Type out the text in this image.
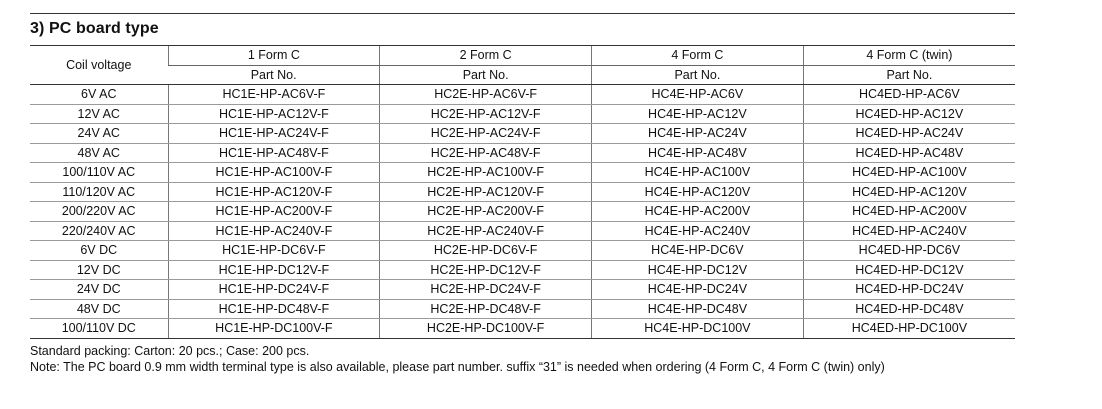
3) PC board type
Coil voltage	1 Form C	2 Form C	4 Form C	4 Form C (twin)
	Part No.	Part No.	Part No.	Part No.
6V AC	HC1E-HP-AC6V-F	HC2E-HP-AC6V-F	HC4E-HP-AC6V	HC4ED-HP-AC6V
12V AC	HC1E-HP-AC12V-F	HC2E-HP-AC12V-F	HC4E-HP-AC12V	HC4ED-HP-AC12V
24V AC	HC1E-HP-AC24V-F	HC2E-HP-AC24V-F	HC4E-HP-AC24V	HC4ED-HP-AC24V
48V AC	HC1E-HP-AC48V-F	HC2E-HP-AC48V-F	HC4E-HP-AC48V	HC4ED-HP-AC48V
100/110V AC	HC1E-HP-AC100V-F	HC2E-HP-AC100V-F	HC4E-HP-AC100V	HC4ED-HP-AC100V
110/120V AC	HC1E-HP-AC120V-F	HC2E-HP-AC120V-F	HC4E-HP-AC120V	HC4ED-HP-AC120V
200/220V AC	HC1E-HP-AC200V-F	HC2E-HP-AC200V-F	HC4E-HP-AC200V	HC4ED-HP-AC200V
220/240V AC	HC1E-HP-AC240V-F	HC2E-HP-AC240V-F	HC4E-HP-AC240V	HC4ED-HP-AC240V
6V DC	HC1E-HP-DC6V-F	HC2E-HP-DC6V-F	HC4E-HP-DC6V	HC4ED-HP-DC6V
12V DC	HC1E-HP-DC12V-F	HC2E-HP-DC12V-F	HC4E-HP-DC12V	HC4ED-HP-DC12V
24V DC	HC1E-HP-DC24V-F	HC2E-HP-DC24V-F	HC4E-HP-DC24V	HC4ED-HP-DC24V
48V DC	HC1E-HP-DC48V-F	HC2E-HP-DC48V-F	HC4E-HP-DC48V	HC4ED-HP-DC48V
100/110V DC	HC1E-HP-DC100V-F	HC2E-HP-DC100V-F	HC4E-HP-DC100V	HC4ED-HP-DC100V

Standard packing: Carton: 20 pcs.; Case: 200 pcs.

Note: The PC board 0.9 mm width terminal type is also available, please part number. suffix “31” is needed when ordering (4 Form C, 4 Form C (twin) only)
